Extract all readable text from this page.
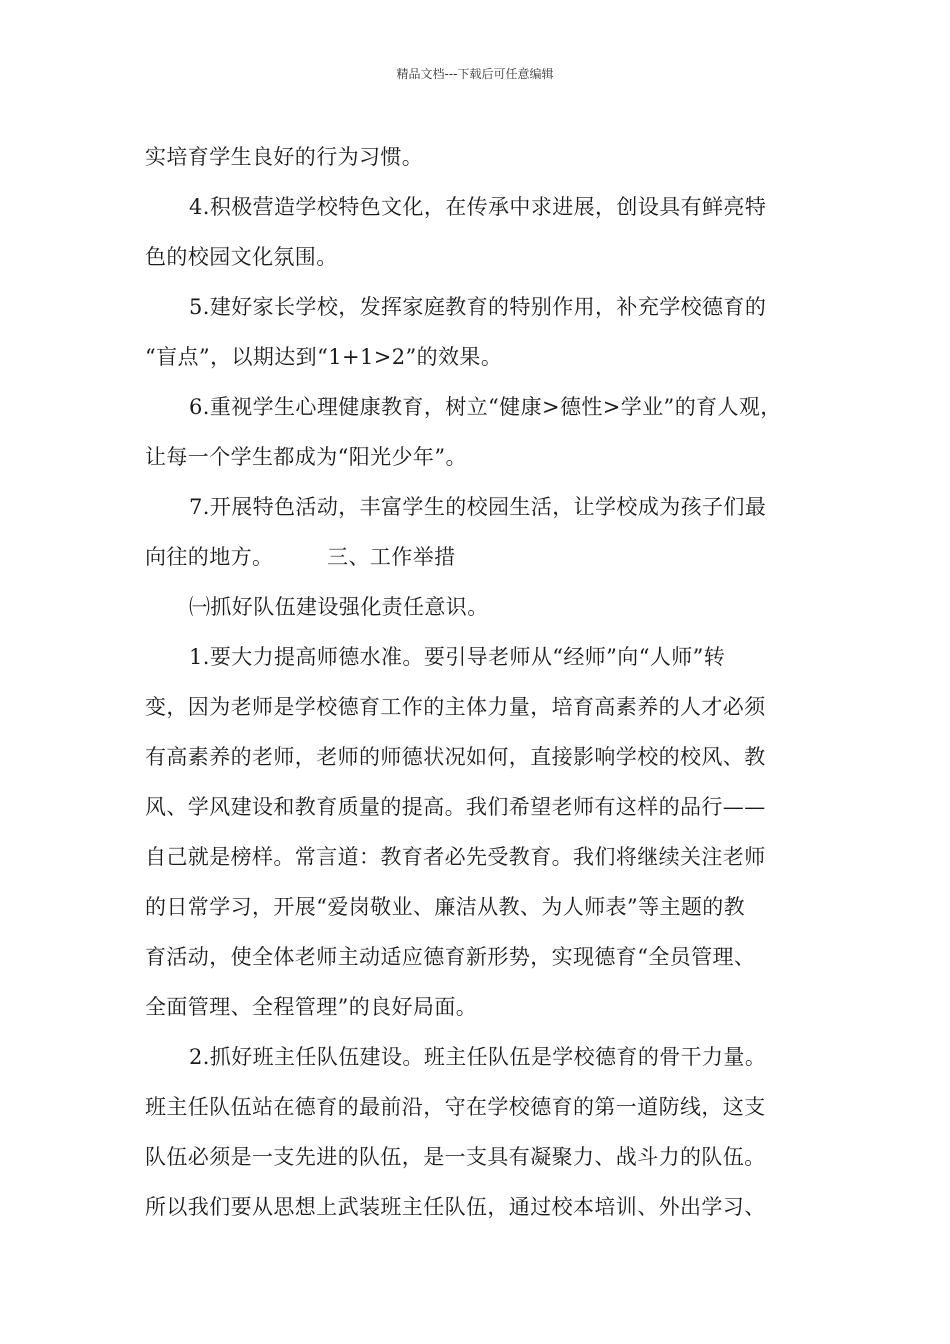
精品文档---下载后可任意编辑
实培育学生良好的行为习惯。
4.积极营造学校特色文化，在传承中求进展，创设具有鲜亮特
色的校园文化氛围。
5.建好家长学校，发挥家庭教育的特别作用，补充学校德育的
“盲点”，以期达到“1+1>2”的效果。
6.重视学生心理健康教育，树立“健康>德性>学业”的育人观，
让每一个学生都成为“阳光少年”。
7.开展特色活动，丰富学生的校园生活，让学校成为孩子们最
向往的地方。　　　三、工作举措
㈠抓好队伍建设强化责任意识。
1.要大力提高师德水准。要引导老师从“经师”向“人师”转
变，因为老师是学校德育工作的主体力量，培育高素养的人才必须
有高素养的老师，老师的师德状况如何，直接影响学校的校风、教
风、学风建设和教育质量的提高。我们希望老师有这样的品行——
自己就是榜样。常言道：教育者必先受教育。我们将继续关注老师
的日常学习，开展“爱岗敬业、廉洁从教、为人师表”等主题的教
育活动，使全体老师主动适应德育新形势，实现德育“全员管理、
全面管理、全程管理”的良好局面。
2.抓好班主任队伍建设。班主任队伍是学校德育的骨干力量。
班主任队伍站在德育的最前沿，守在学校德育的第一道防线，这支
队伍必须是一支先进的队伍，是一支具有凝聚力、战斗力的队伍。
所以我们要从思想上武装班主任队伍，通过校本培训、外出学习、
